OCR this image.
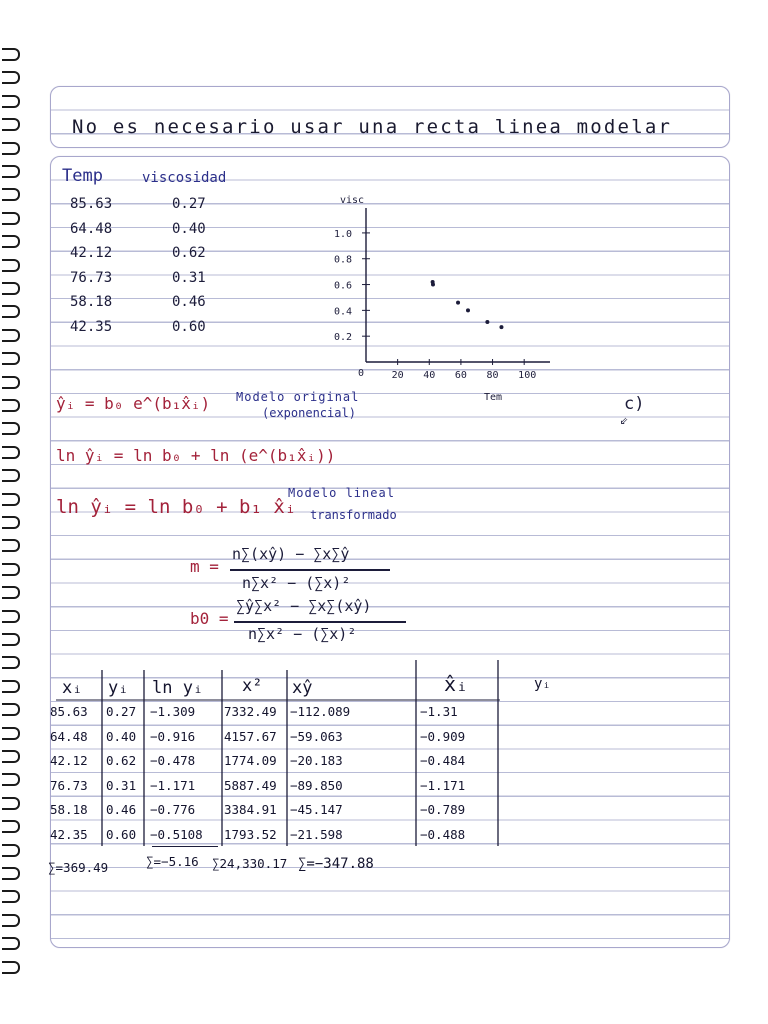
No es necesario usar una recta linea modelar
Temp	viscosidad
85.63	0.27
64.48	0.40
42.12	0.62
76.73	0.31
58.18	0.46
42.35	0.60
visc
Tem
0
1.0
0.8
0.6
0.4
0.2
20 40 60 80 100
ŷᵢ = b₀ e^(b₁x̂ᵢ) Modelo original
(exponencial)	c)
⇙
ln ŷᵢ = ln b₀ + ln (e^(b₁x̂ᵢ))
ln ŷᵢ = ln b₀ + b₁ x̂ᵢ
Modelo lineal
transformado
m =
n∑(xŷ) − ∑x∑ŷ
n∑x² − (∑x)²
b0 =
∑ŷ∑x² − ∑x∑(xŷ)
n∑x² − (∑x)²
xᵢ yᵢ ln yᵢ x² xŷ	x̂ᵢ	yᵢ
85.63 0.27 −1.309 7332.49 −112.089	−1.31
64.48 0.40 −0.916 4157.67 −59.063	−0.909
42.12 0.62 −0.478 1774.09 −20.183	−0.484
76.73 0.31 −1.171 5887.49 −89.850	−1.171
58.18 0.46 −0.776 3384.91 −45.147	−0.789
42.35 0.60 −0.5108 1793.52 −21.598	−0.488
∑=369.49	∑=−5.16 ∑24,330.17 ∑=−347.88
